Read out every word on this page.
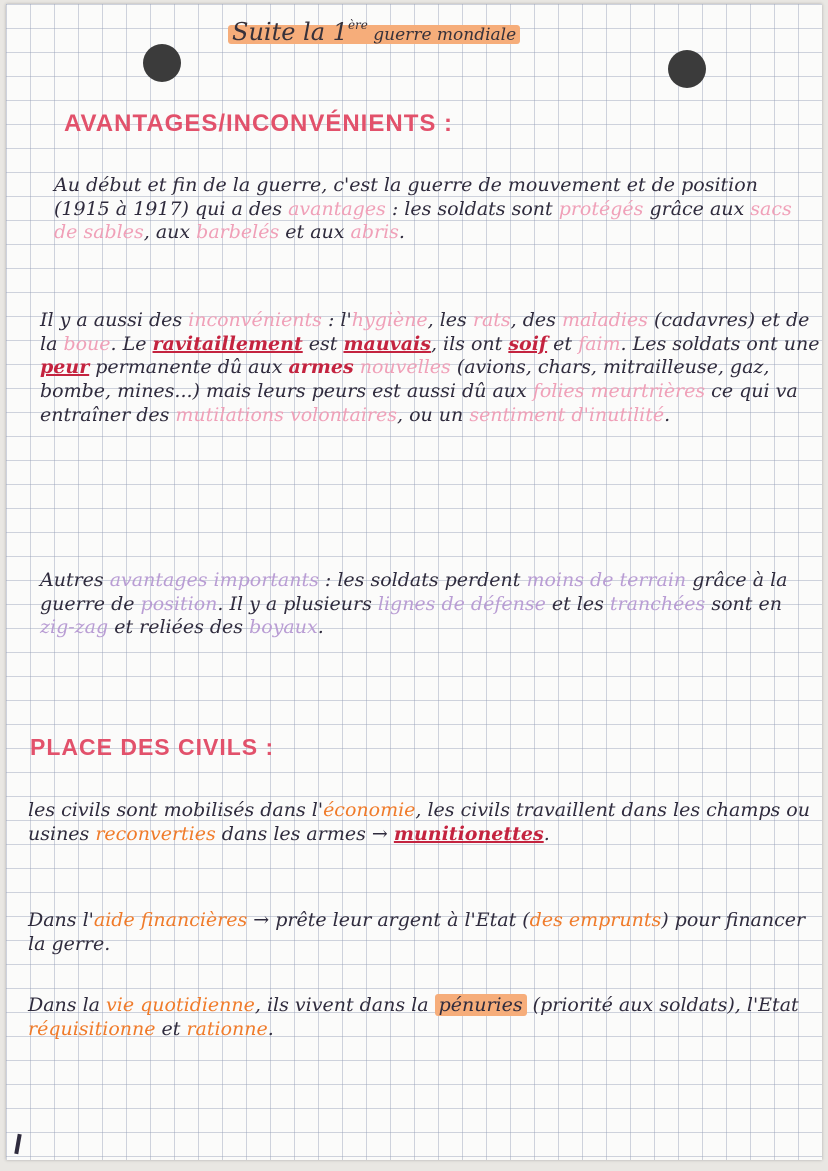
Suite la 1ère guerre mondiale
AVANTAGES/INCONVÉNIENTS :
Au début et fin de la guerre, c'est la guerre de mouvement et de position (1915 à 1917) qui a des avantages : les soldats sont protégés grâce aux sacs de sables, aux barbelés et aux abris.
Il y a aussi des inconvénients : l'hygiène, les rats, des maladies (cadavres) et de la boue. Le ravitaillement est mauvais, ils ont soif et faim. Les soldats ont une peur permanente dû aux armes nouvelles (avions, chars, mitrailleuse, gaz, bombe, mines...) mais leurs peurs est aussi dû aux folies meurtrières ce qui va entraîner des mutilations volontaires, ou un sentiment d'inutilité.
Autres avantages importants : les soldats perdent moins de terrain grâce à la guerre de position. Il y a plusieurs lignes de défense et les tranchées sont en zig-zag et reliées des boyaux.
PLACE DES CIVILS :
les civils sont mobilisés dans l'économie, les civils travaillent dans les champs ou usines reconverties dans les armes → munitionettes.
Dans l'aide financières → prête leur argent à l'Etat (des emprunts) pour financer la gerre.
Dans la vie quotidienne, ils vivent dans la pénuries (priorité aux soldats), l'Etat réquisitionne et rationne.
